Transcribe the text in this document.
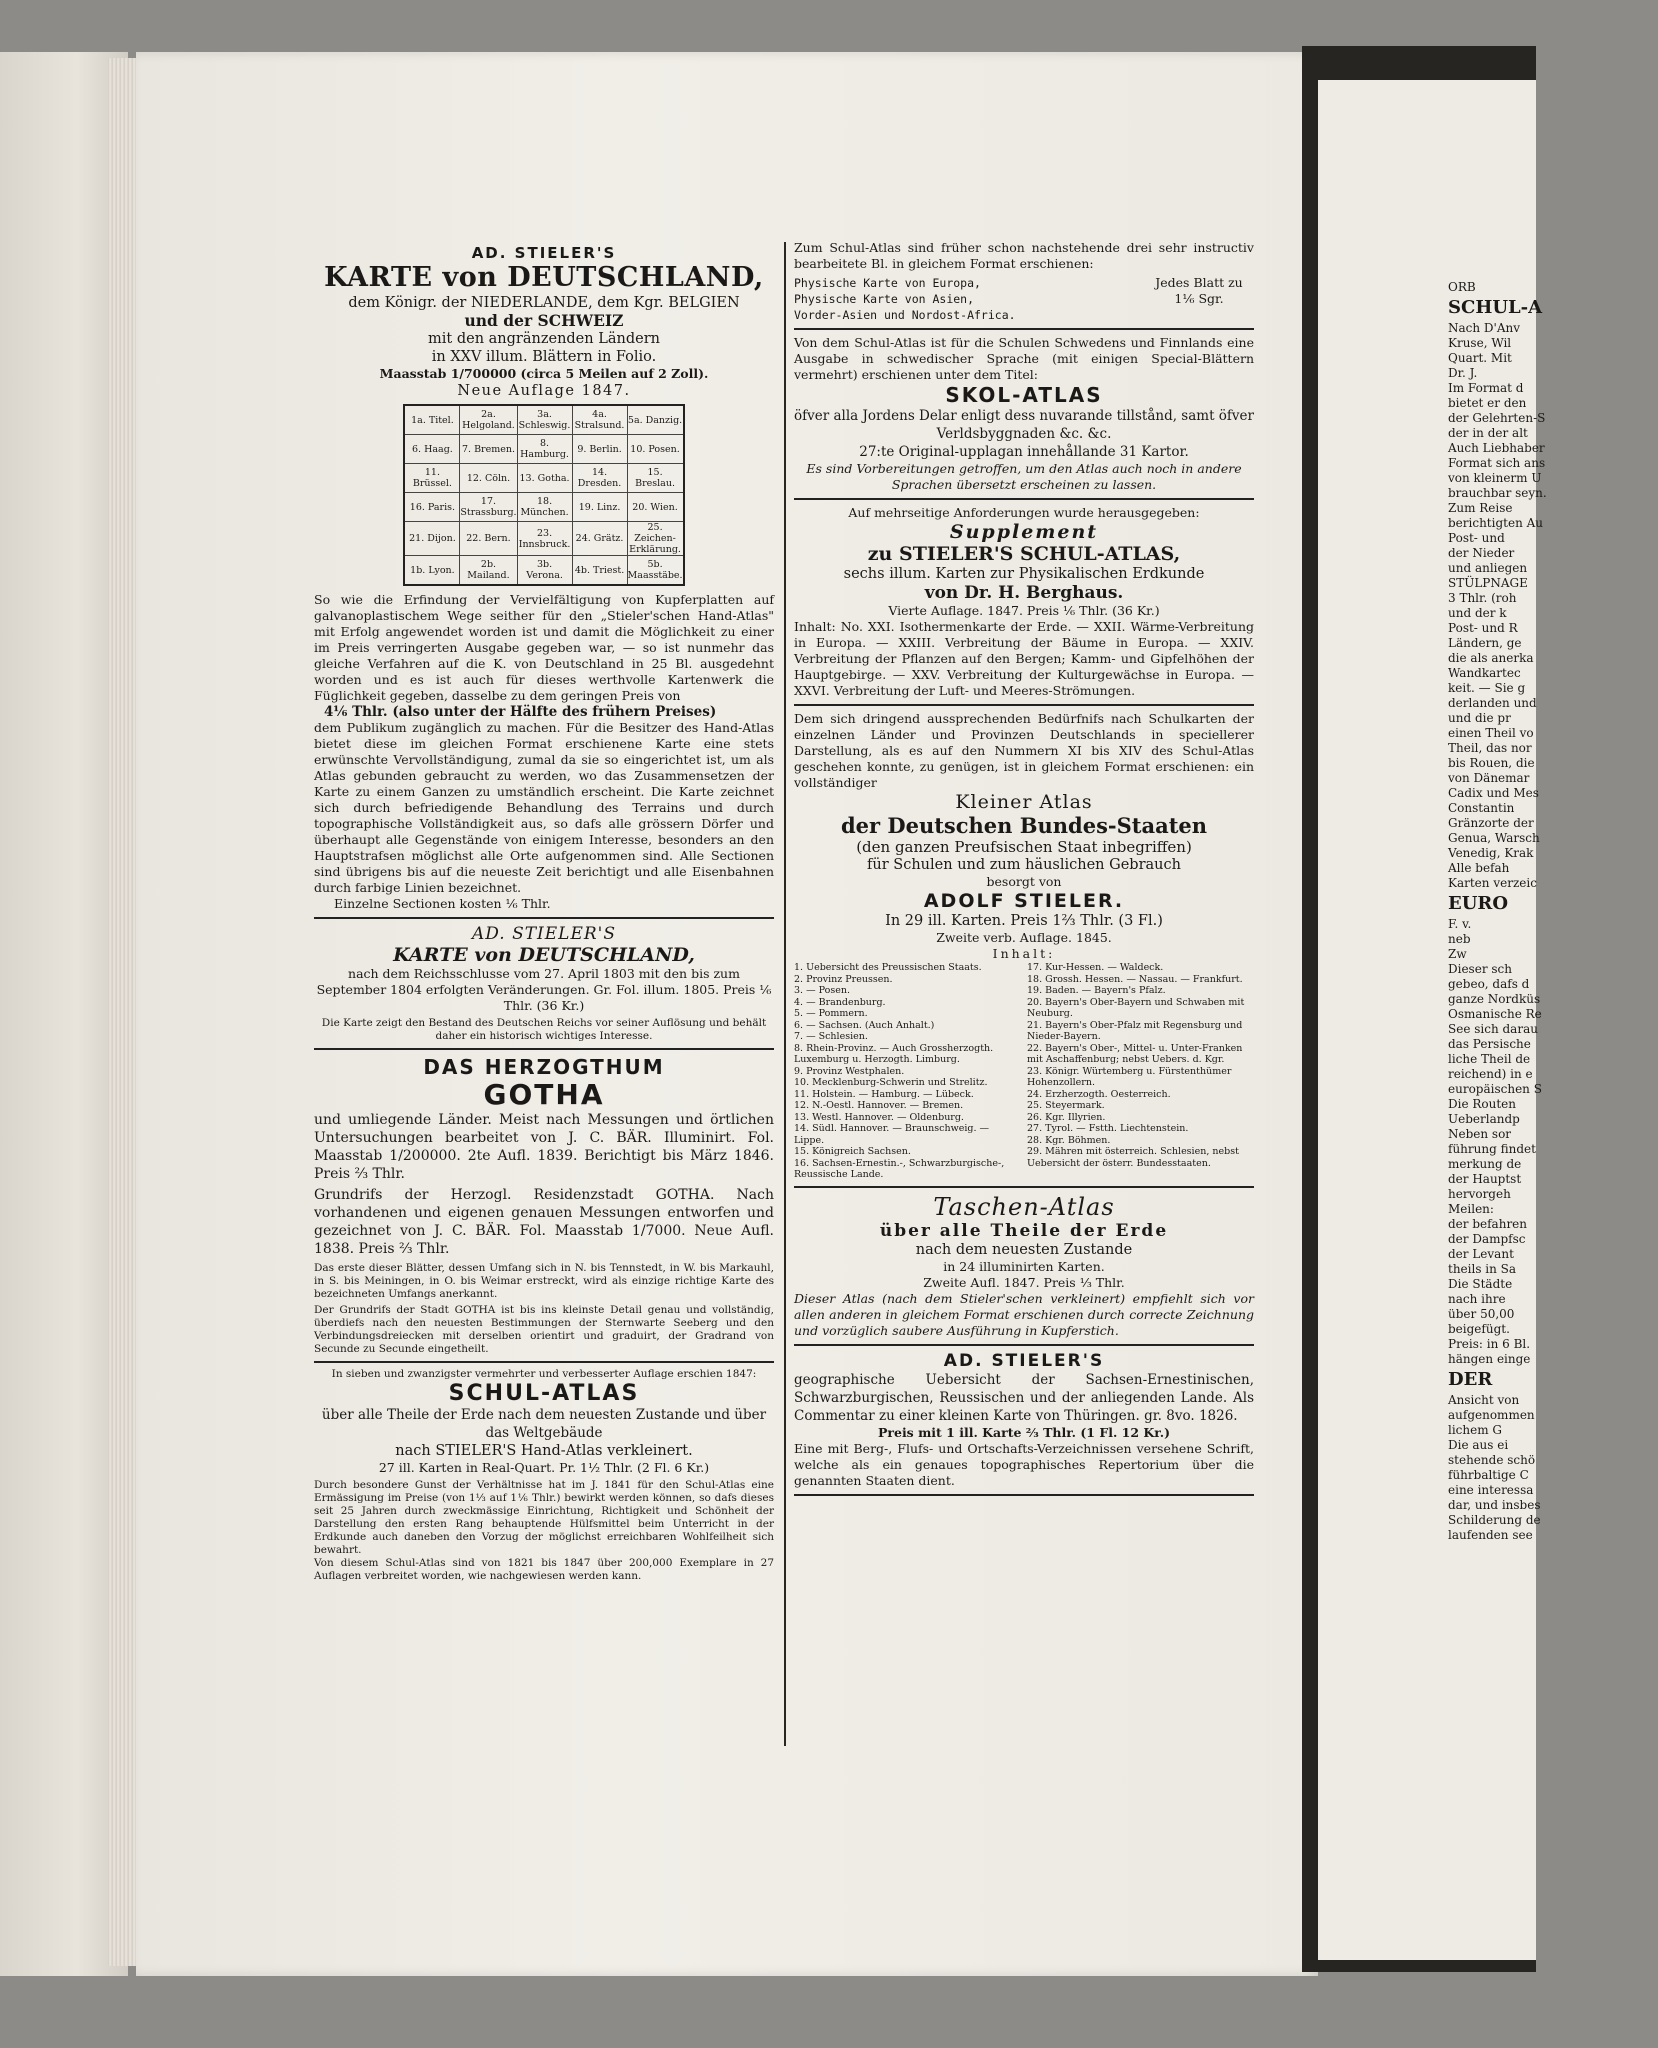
AD. STIELER'S
KARTE von DEUTSCHLAND,
dem Königr. der NIEDERLANDE, dem Kgr. BELGIEN
und der SCHWEIZ
mit den angränzenden Ländern
in XXV illum. Blättern in Folio.
Maasstab 1/700000 (circa 5 Meilen auf 2 Zoll).
Neue Auflage 1847.
1a. Titel.	2a. Helgoland.	3a. Schleswig.	4a. Stralsund.	5a. Danzig.
6. Haag.	7. Bremen.	8. Hamburg.	9. Berlin.	10. Posen.
11. Brüssel.	12. Cöln.	13. Gotha.	14. Dresden.	15. Breslau.
16. Paris.	17. Strassburg.	18. München.	19. Linz.	20. Wien.
21. Dijon.	22. Bern.	23. Innsbruck.	24. Grätz.	25. Zeichen-Erklärung.
1b. Lyon.	2b. Mailand.	3b. Verona.	4b. Triest.	5b. Maasstäbe.
So wie die Erfindung der Vervielfältigung von Kupferplatten auf galvanoplastischem Wege seither für den „Stieler'schen Hand-Atlas" mit Erfolg angewendet worden ist und damit die Möglichkeit zu einer im Preis verringerten Ausgabe gegeben war, — so ist nunmehr das gleiche Verfahren auf die K. von Deutschland in 25 Bl. ausgedehnt worden und es ist auch für dieses werthvolle Kartenwerk die Füglichkeit gegeben, dasselbe zu dem geringen Preis von
4⅙ Thlr. (also unter der Hälfte des frühern Preises)
dem Publikum zugänglich zu machen. Für die Besitzer des Hand-Atlas bietet diese im gleichen Format erschienene Karte eine stets erwünschte Vervollständigung, zumal da sie so eingerichtet ist, um als Atlas gebunden gebraucht zu werden, wo das Zusammensetzen der Karte zu einem Ganzen zu umständlich erscheint. Die Karte zeichnet sich durch befriedigende Behandlung des Terrains und durch topographische Vollständigkeit aus, so dafs alle grössern Dörfer und überhaupt alle Gegenstände von einigem Interesse, besonders an den Hauptstrafsen möglichst alle Orte aufgenommen sind. Alle Sectionen sind übrigens bis auf die neueste Zeit berichtigt und alle Eisenbahnen durch farbige Linien bezeichnet.
Einzelne Sectionen kosten ⅙ Thlr.
AD. STIELER'S
KARTE von DEUTSCHLAND,
nach dem Reichsschlusse vom 27. April 1803 mit den bis zum September 1804 erfolgten Veränderungen. Gr. Fol. illum. 1805. Preis ⅙ Thlr. (36 Kr.)
Die Karte zeigt den Bestand des Deutschen Reichs vor seiner Auflösung und behält daher ein historisch wichtiges Interesse.
DAS HERZOGTHUM
GOTHA
und umliegende Länder. Meist nach Messungen und örtlichen Untersuchungen bearbeitet von J. C. BÄR. Illuminirt. Fol. Maasstab 1/200000. 2te Aufl. 1839. Berichtigt bis März 1846. Preis ⅔ Thlr.
Grundrifs der Herzogl. Residenzstadt GOTHA. Nach vorhandenen und eigenen genauen Messungen entworfen und gezeichnet von J. C. BÄR. Fol. Maasstab 1/7000. Neue Aufl. 1838. Preis ⅔ Thlr.
Das erste dieser Blätter, dessen Umfang sich in N. bis Tennstedt, in W. bis Markauhl, in S. bis Meiningen, in O. bis Weimar erstreckt, wird als einzige richtige Karte des bezeichneten Umfangs anerkannt.
Der Grundrifs der Stadt GOTHA ist bis ins kleinste Detail genau und vollständig, überdiefs nach den neuesten Bestimmungen der Sternwarte Seeberg und den Verbindungsdreiecken mit derselben orientirt und graduirt, der Gradrand von Secunde zu Secunde eingetheilt.
In sieben und zwanzigster vermehrter und verbesserter Auflage erschien 1847:
SCHUL-ATLAS
über alle Theile der Erde nach dem neuesten Zustande und über das Weltgebäude
nach STIELER'S Hand-Atlas verkleinert.
27 ill. Karten in Real-Quart. Pr. 1½ Thlr. (2 Fl. 6 Kr.)
Durch besondere Gunst der Verhältnisse hat im J. 1841 für den Schul-Atlas eine Ermässigung im Preise (von 1⅓ auf 1⅙ Thlr.) bewirkt werden können, so dafs dieses seit 25 Jahren durch zweckmässige Einrichtung, Richtigkeit und Schönheit der Darstellung den ersten Rang behauptende Hülfsmittel beim Unterricht in der Erdkunde auch daneben den Vorzug der möglichst erreichbaren Wohlfeilheit sich bewahrt.
Von diesem Schul-Atlas sind von 1821 bis 1847 über 200,000 Exemplare in 27 Auflagen verbreitet worden, wie nachgewiesen werden kann.
Zum Schul-Atlas sind früher schon nachstehende drei sehr instructiv bearbeitete Bl. in gleichem Format erschienen:
Physische Karte von Europa,
Physische Karte von Asien,
Vorder-Asien und Nordost-Africa.
Jedes Blatt zu 1⅙ Sgr.
Von dem Schul-Atlas ist für die Schulen Schwedens und Finnlands eine Ausgabe in schwedischer Sprache (mit einigen Special-Blättern vermehrt) erschienen unter dem Titel:
SKOL-ATLAS
öfver alla Jordens Delar enligt dess nuvarande tillstånd, samt öfver Verldsbyggnaden &c. &c.
27:te Original-upplagan innehållande 31 Kartor.
Es sind Vorbereitungen getroffen, um den Atlas auch noch in andere Sprachen übersetzt erscheinen zu lassen.
Auf mehrseitige Anforderungen wurde herausgegeben:
Supplement
zu STIELER'S SCHUL-ATLAS,
sechs illum. Karten zur Physikalischen Erdkunde
von Dr. H. Berghaus.
Vierte Auflage. 1847. Preis ⅙ Thlr. (36 Kr.)
Inhalt: No. XXI. Isothermenkarte der Erde. — XXII. Wärme-Verbreitung in Europa. — XXIII. Verbreitung der Bäume in Europa. — XXIV. Verbreitung der Pflanzen auf den Bergen; Kamm- und Gipfelhöhen der Hauptgebirge. — XXV. Verbreitung der Kulturgewächse in Europa. — XXVI. Verbreitung der Luft- und Meeres-Strömungen.
Dem sich dringend aussprechenden Bedürfnifs nach Schulkarten der einzelnen Länder und Provinzen Deutschlands in speciellerer Darstellung, als es auf den Nummern XI bis XIV des Schul-Atlas geschehen konnte, zu genügen, ist in gleichem Format erschienen: ein vollständiger
Kleiner Atlas
der Deutschen Bundes-Staaten
(den ganzen Preufsischen Staat inbegriffen)
für Schulen und zum häuslichen Gebrauch
besorgt von
ADOLF STIELER.
In 29 ill. Karten. Preis 1⅔ Thlr. (3 Fl.)
Zweite verb. Auflage. 1845.
Inhalt:
1. Uebersicht des Preussischen Staats.
2. Provinz Preussen.
3. — Posen.
4. — Brandenburg.
5. — Pommern.
6. — Sachsen. (Auch Anhalt.)
7. — Schlesien.
8. Rhein-Provinz. — Auch Grossherzogth. Luxemburg u. Herzogth. Limburg.
9. Provinz Westphalen.
10. Mecklenburg-Schwerin und Strelitz.
11. Holstein. — Hamburg. — Lübeck.
12. N.-Oestl. Hannover. — Bremen.
13. Westl. Hannover. — Oldenburg.
14. Südl. Hannover. — Braunschweig. — Lippe.
15. Königreich Sachsen.
16. Sachsen-Ernestin.-, Schwarzburgische-, Reussische Lande.
17. Kur-Hessen. — Waldeck.
18. Grossh. Hessen. — Nassau. — Frankfurt.
19. Baden. — Bayern's Pfalz.
20. Bayern's Ober-Bayern und Schwaben mit Neuburg.
21. Bayern's Ober-Pfalz mit Regensburg und Nieder-Bayern.
22. Bayern's Ober-, Mittel- u. Unter-Franken mit Aschaffenburg; nebst Uebers. d. Kgr.
23. Königr. Würtemberg u. Fürstenthümer Hohenzollern.
24. Erzherzogth. Oesterreich.
25. Steyermark.
26. Kgr. Illyrien.
27. Tyrol. — Fstth. Liechtenstein.
28. Kgr. Böhmen.
29. Mähren mit österreich. Schlesien, nebst Uebersicht der österr. Bundesstaaten.
Taschen-Atlas
über alle Theile der Erde
nach dem neuesten Zustande
in 24 illuminirten Karten.
Zweite Aufl. 1847. Preis ⅓ Thlr.
Dieser Atlas (nach dem Stieler'schen verkleinert) empfiehlt sich vor allen anderen in gleichem Format erschienen durch correcte Zeichnung und vorzüglich saubere Ausführung in Kupferstich.
AD. STIELER'S
geographische Uebersicht der Sachsen-Ernestinischen, Schwarzburgischen, Reussischen und der anliegenden Lande. Als Commentar zu einer kleinen Karte von Thüringen. gr. 8vo. 1826.
Preis mit 1 ill. Karte ⅔ Thlr. (1 Fl. 12 Kr.)
Eine mit Berg-, Flufs- und Ortschafts-Verzeichnissen versehene Schrift, welche als ein genaues topographisches Repertorium über die genannten Staaten dient.
ORB
SCHUL-A
Nach D'Anv
Kruse, Wil
Quart. Mit
Dr. J.
Im Format d
bietet er den
der Gelehrten-S
der in der alt
Auch Liebhaber
Format sich ans
von kleinerm U
brauchbar seyn.
Zum Reise
berichtigten Au
Post- und
der Nieder
und anliegen
STÜLPNAGE
3 Thlr. (roh
und der k
Post- und R
Ländern, ge
die als anerka
Wandkartec
keit. — Sie g
derlanden und
und die pr
einen Theil vo
Theil, das nor
bis Rouen, die
von Dänemar
Cadix und Mes
Constantin
Gränzorte der
Genua, Warsch
Venedig, Krak
Alle befah
Karten verzeic
EURO
F. v.
neb
Zw
Dieser sch
gebeo, dafs d
ganze Nordküs
Osmanische Re
See sich darau
das Persische
liche Theil de
reichend) in e
europäischen S
Die Routen
Ueberlandp
Neben sor
führung findet
merkung de
der Hauptst
hervorgeh
Meilen:
der befahren
der Dampfsc
der Levant
theils in Sa
Die Städte
nach ihre
über 50,00
beigefügt.
Preis: in 6 Bl.
hängen einge
DER
Ansicht von
aufgenommen
lichem G
Die aus ei
stehende schö
führbaltige C
eine interessa
dar, und insbes
Schilderung de
laufenden see
